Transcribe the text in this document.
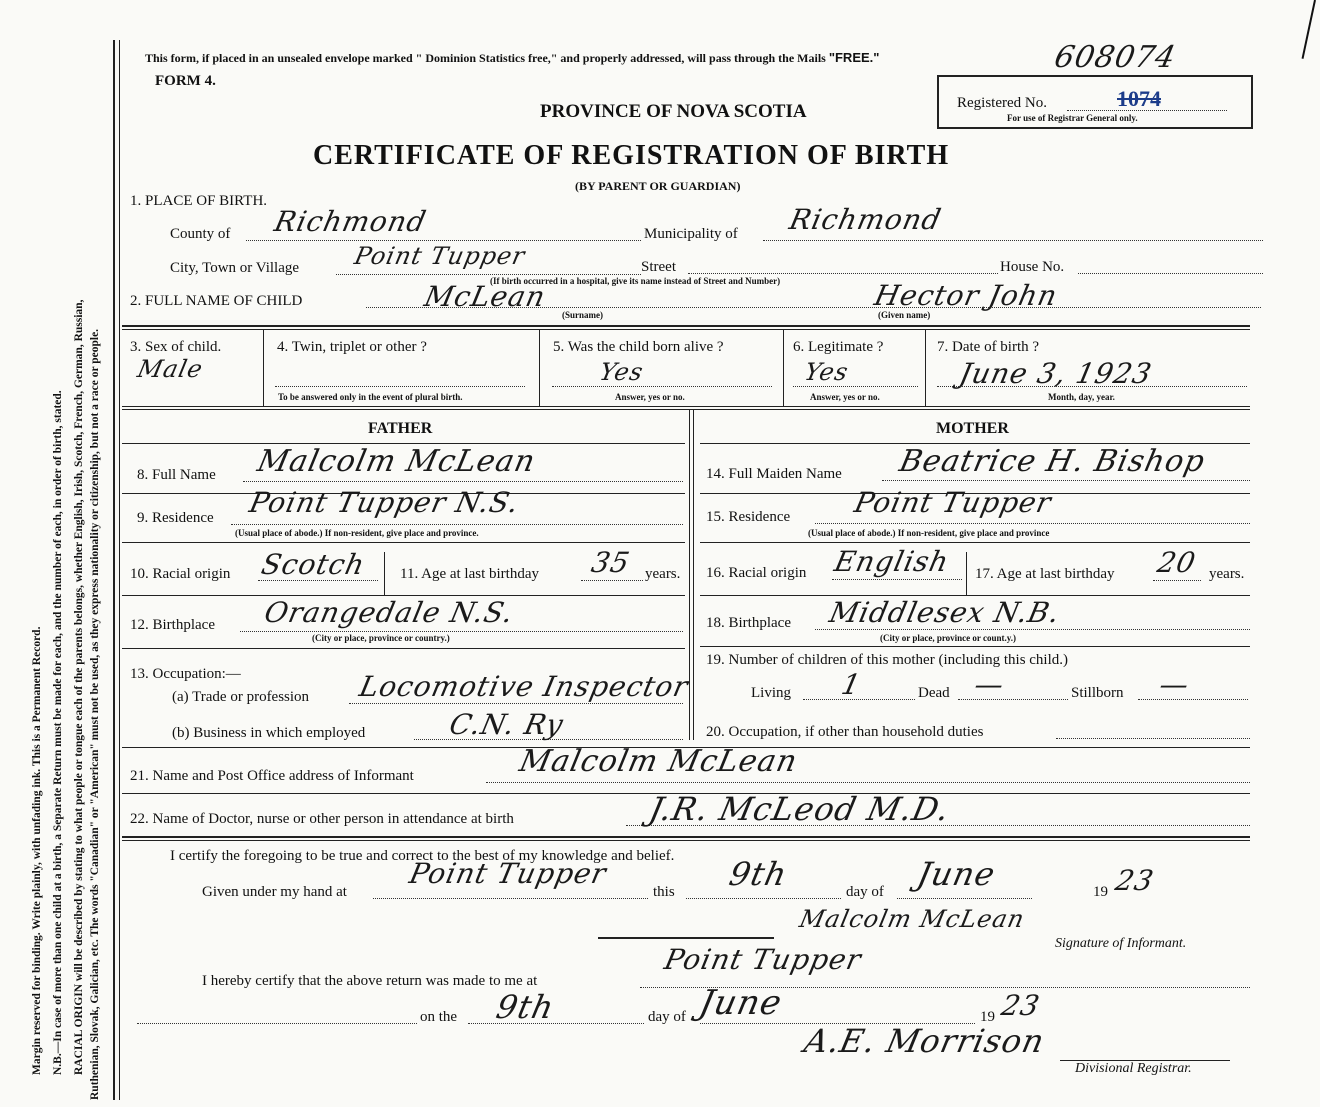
Margin reserved for binding. Write plainly, with unfading ink. This is a Permanent Record. N.B.—In case of more than one child at a birth, a Separate Return must be made for each, and the number of each, in order of birth, stated. RACIAL ORIGIN will be described by stating to what people or tongue each of the parents belongs, whether English, Irish, Scotch, French, German, Russian, Ruthenian, Slovak, Galician, etc. The words "Canadian" or "American" must not be used, as they express nationality or citizenship, but not a race or people.
This form, if placed in an unsealed envelope marked " Dominion Statistics free," and properly addressed, will pass through the Mails "FREE."	608074
FORM 4.
PROVINCE OF NOVA SCOTIA	Registered No.	1074
For use of Registrar General only.
CERTIFICATE OF REGISTRATION OF BIRTH
(BY PARENT OR GUARDIAN)
1. PLACE OF BIRTH.
County of Richmond	Municipality of Richmond
City, Town or Village Point Tupper	Street	House No.
(If birth occurred in a hospital, give its name instead of Street and Number)
2. FULL NAME OF CHILD	McLean
(Surname)
Hector John
(Given name)
3. Sex of child.
Male
4. Twin, triplet or other ?
To be answered only in the event of plural birth.
5. Was the child born alive ?
Yes
Answer, yes or no.
6. Legitimate ?
Yes
Answer, yes or no.
7. Date of birth ?
June 3, 1923
Month, day, year.
FATHER	MOTHER
8. Full Name Malcolm McLean
9. Residence Point Tupper N.S.
(Usual place of abode.) If non-resident, give place and province.
10. Racial origin Scotch 11. Age at last birthday 35 years.
12. Birthplace Orangedale N.S.
(City or place, province or country.)
13. Occupation:—
(a) Trade or profession Locomotive Inspector
(b) Business in which employed	C.N. Ry
14. Full Maiden Name Beatrice H. Bishop
15. Residence Point Tupper
(Usual place of abode.) If non-resident, give place and province
16. Racial origin English 17. Age at last birthday 20 years.
18. Birthplace Middlesex N.B.
(City or place, province or count.y.)
19. Number of children of this mother (including this child.)
Living 1	Dead —	Stillborn —
20. Occupation, if other than household duties
21. Name and Post Office address of Informant	Malcolm McLean
22. Name of Doctor, nurse or other person in attendance at birth	J.R. McLeod M.D.
I certify the foregoing to be true and correct to the best of my knowledge and belief.
Given under my hand at
Point Tupper
this 9th	day of June	19 23
Malcolm McLean
Signature of Informant.
I hereby certify that the above return was made to me at
Point Tupper
on the 9th	day of June	19 23
A.E. Morrison
Divisional Registrar.
